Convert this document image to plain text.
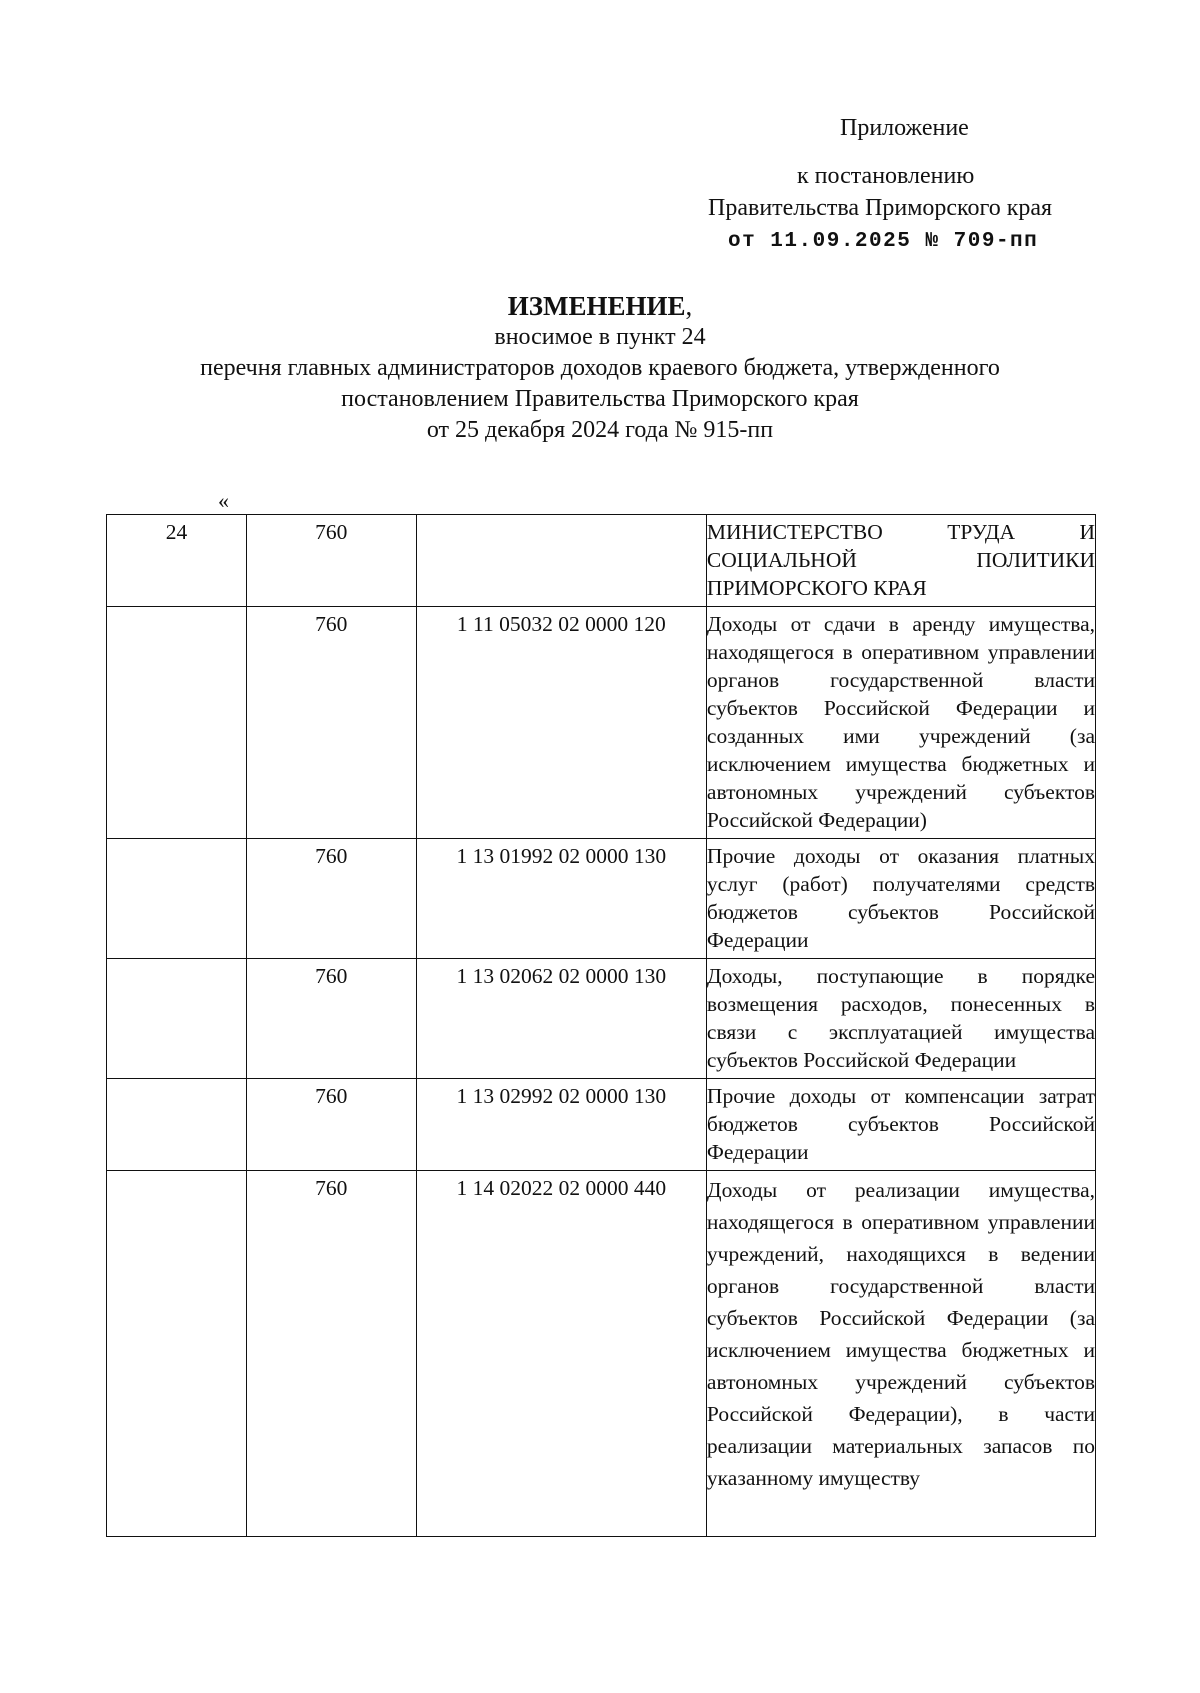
Приложение
к постановлению
Правительства Приморского края
от 11.09.2025 № 709-пп
ИЗМЕНЕНИЕ,
вносимое в пункт 24
перечня главных администраторов доходов краевого бюджета, утвержденного
постановлением Правительства Приморского края
от 25 декабря 2024 года № 915-пп
«
24	760		МИНИСТЕРСТВО ТРУДА И СОЦИАЛЬНОЙ ПОЛИТИКИ ПРИМОРСКОГО КРАЯ
	760	1 11 05032 02 0000 120	Доходы от сдачи в аренду имущества, находящегося в оперативном управлении органов государственной власти субъектов Российской Федерации и созданных ими учреждений (за исключением имущества бюджетных и автономных учреждений субъектов Российской Федерации)
	760	1 13 01992 02 0000 130	Прочие доходы от оказания платных услуг (работ) получателями средств бюджетов субъектов Российской Федерации
	760	1 13 02062 02 0000 130	Доходы, поступающие в порядке возмещения расходов, понесенных в связи с эксплуатацией имущества субъектов Российской Федерации
	760	1 13 02992 02 0000 130	Прочие доходы от компенсации затрат бюджетов субъектов Российской Федерации
	760	1 14 02022 02 0000 440	Доходы от реализации имущества, находящегося в оперативном управлении учреждений, находящихся в ведении органов государственной власти субъектов Российской Федерации (за исключением имущества бюджетных и автономных учреждений субъектов Российской Федерации), в части реализации материальных запасов по указанному имуществу
